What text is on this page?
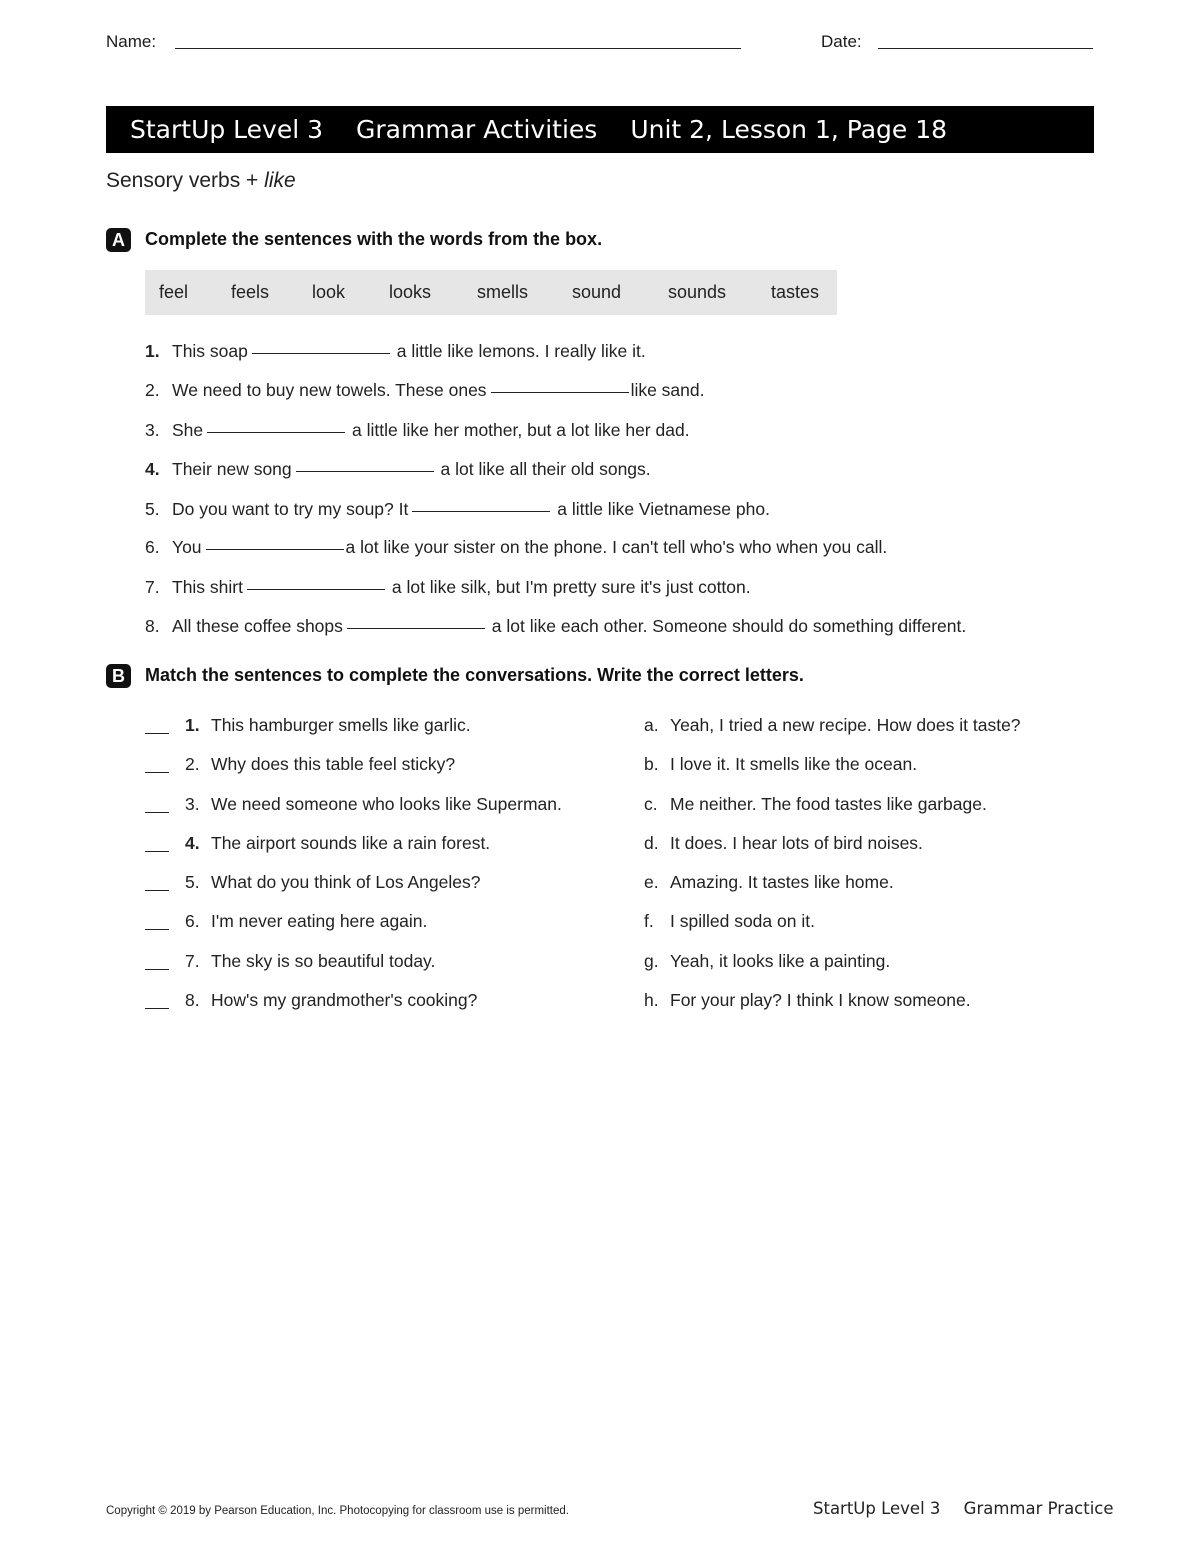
Name:	Date:
StartUp Level 3 Grammar Activities Unit 2, Lesson 1, Page 18
Sensory verbs + like
A	Complete the sentences with the words from the box.
feel feels look looks	smells sound	sounds tastes
1. This soap	a little like lemons. I really like it.
2. We need to buy new towels. These ones	like sand.
3. She	a little like her mother, but a lot like her dad.
4. Their new song	a lot like all their old songs.
5. Do you want to try my soup? It	a little like Vietnamese pho.
6. You	a lot like your sister on the phone. I can't tell who's who when you call.
7. This shirt	a lot like silk, but I'm pretty sure it's just cotton.
8. All these coffee shops	a lot like each other. Someone should do something different.
B	Match the sentences to complete the conversations. Write the correct letters.
1. This hamburger smells like garlic.
2. Why does this table feel sticky?
3. We need someone who looks like Superman.
4. The airport sounds like a rain forest.
5. What do you think of Los Angeles?
6. I'm never eating here again.
7. The sky is so beautiful today.
8. How's my grandmother's cooking?
a. Yeah, I tried a new recipe. How does it taste?
b. I love it. It smells like the ocean.
c. Me neither. The food tastes like garbage.
d. It does. I hear lots of bird noises.
e. Amazing. It tastes like home.
f. I spilled soda on it.
g. Yeah, it looks like a painting.
h. For your play? I think I know someone.
Copyright © 2019 by Pearson Education, Inc. Photocopying for classroom use is permitted.	StartUp Level 3 Grammar Practice
